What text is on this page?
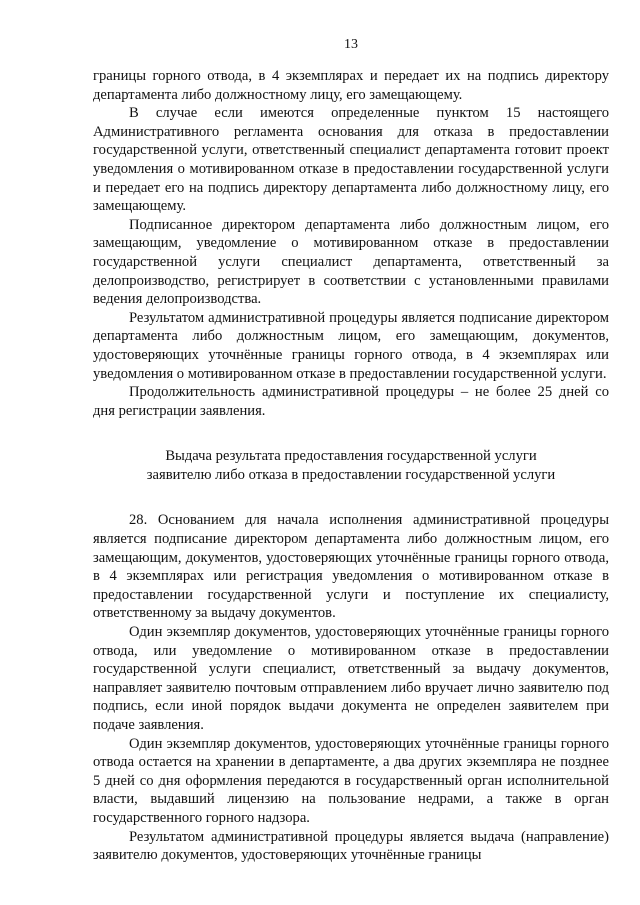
13

границы горного отвода, в 4 экземплярах и передает их на подпись директору департамента либо должностному лицу, его замещающему.

В случае если имеются определенные пунктом 15 настоящего Административного регламента основания для отказа в предоставлении государственной услуги, ответственный специалист департамента готовит проект уведомления о мотивированном отказе в предоставлении государственной услуги и передает его на подпись директору департамента либо должностному лицу, его замещающему.

Подписанное директором департамента либо должностным лицом, его замещающим, уведомление о мотивированном отказе в предоставлении государственной услуги специалист департамента, ответственный за делопроизводство, регистрирует в соответствии с установленными правилами ведения делопроизводства.

Результатом административной процедуры является подписание директором департамента либо должностным лицом, его замещающим, документов, удостоверяющих уточнённые границы горного отвода, в 4 экземплярах или уведомления о мотивированном отказе в предоставлении государственной услуги.

Продолжительность административной процедуры – не более 25 дней со дня регистрации заявления.

Выдача результата предоставления государственной услуги
заявителю либо отказа в предоставлении государственной услуги

28. Основанием для начала исполнения административной процедуры является подписание директором департамента либо должностным лицом, его замещающим, документов, удостоверяющих уточнённые границы горного отвода, в 4 экземплярах или регистрация уведомления о мотивированном отказе в предоставлении государственной услуги и поступление их специалисту, ответственному за выдачу документов.

Один экземпляр документов, удостоверяющих уточнённые границы горного отвода, или уведомление о мотивированном отказе в предоставлении государственной услуги специалист, ответственный за выдачу документов, направляет заявителю почтовым отправлением либо вручает лично заявителю под подпись, если иной порядок выдачи документа не определен заявителем при подаче заявления.

Один экземпляр документов, удостоверяющих уточнённые границы горного отвода остается на хранении в департаменте, а два других экземпляра не позднее 5 дней со дня оформления передаются в государственный орган исполнительной власти, выдавший лицензию на пользование недрами, а также в орган государственного горного надзора.

Результатом административной процедуры является выдача (направление) заявителю документов, удостоверяющих уточнённые границы
